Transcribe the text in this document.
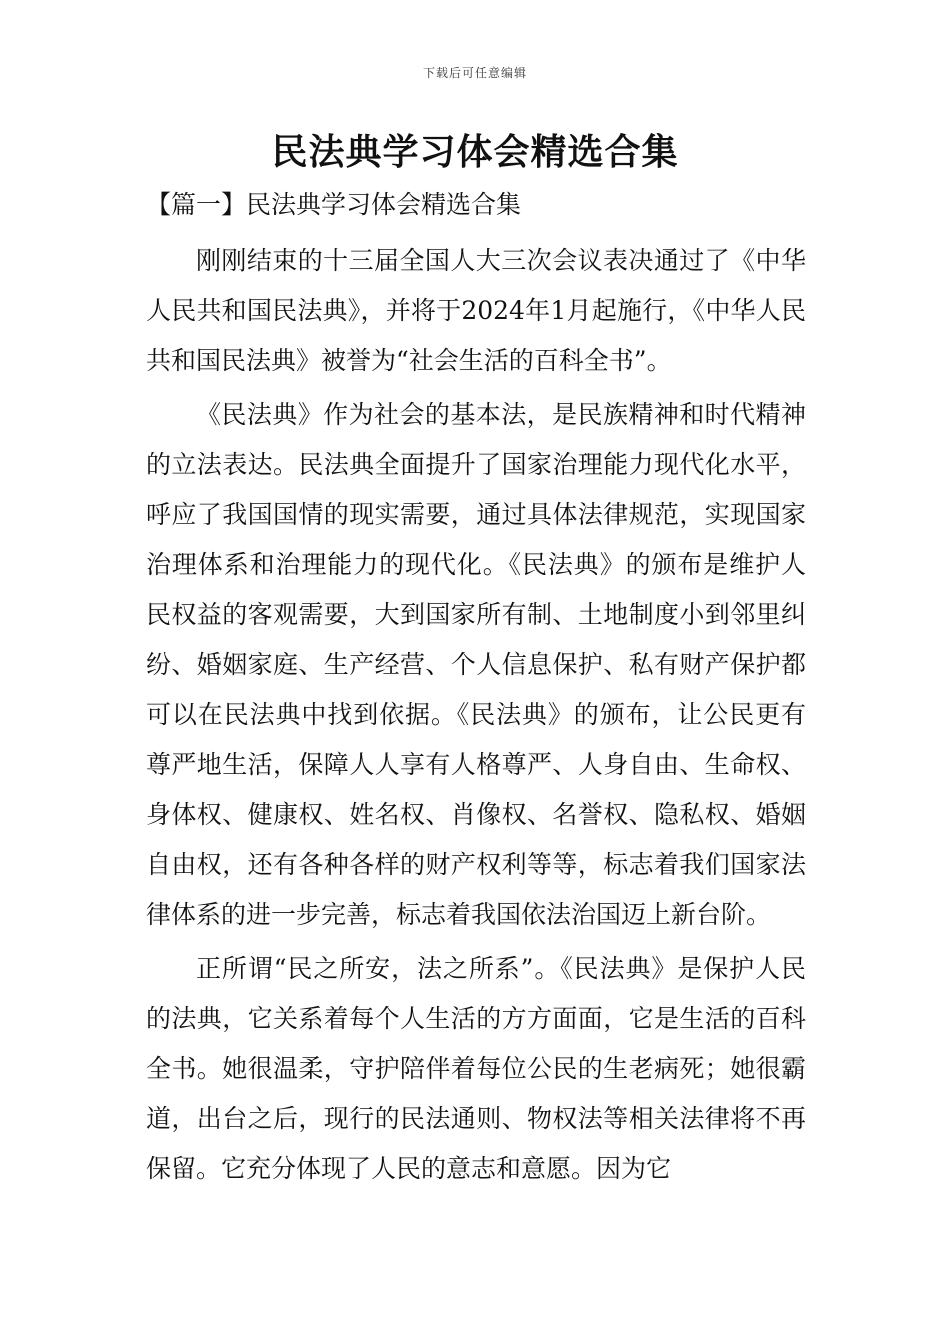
下载后可任意编辑
民法典学习体会精选合集
【篇一】民法典学习体会精选合集

刚刚结束的十三届全国人大三次会议表决通过了《中华人民共和国民法典》，并将于2024年1月起施行，《中华人民共和国民法典》被誉为“社会生活的百科全书”。

《民法典》作为社会的基本法，是民族精神和时代精神的立法表达。民法典全面提升了国家治理能力现代化水平，呼应了我国国情的现实需要，通过具体法律规范，实现国家治理体系和治理能力的现代化。《民法典》的颁布是维护人民权益的客观需要，大到国家所有制、土地制度小到邻里纠纷、婚姻家庭、生产经营、个人信息保护、私有财产保护都可以在民法典中找到依据。《民法典》的颁布，让公民更有尊严地生活，保障人人享有人格尊严、人身自由、生命权、身体权、健康权、姓名权、肖像权、名誉权、隐私权、婚姻自由权，还有各种各样的财产权利等等，标志着我们国家法律体系的进一步完善，标志着我国依法治国迈上新台阶。

正所谓“民之所安，法之所系”。《民法典》是保护人民的法典，它关系着每个人生活的方方面面，它是生活的百科全书。她很温柔，守护陪伴着每位公民的生老病死；她很霸道，出台之后，现行的民法通则、物权法等相关法律将不再保留。它充分体现了人民的意志和意愿。因为它
